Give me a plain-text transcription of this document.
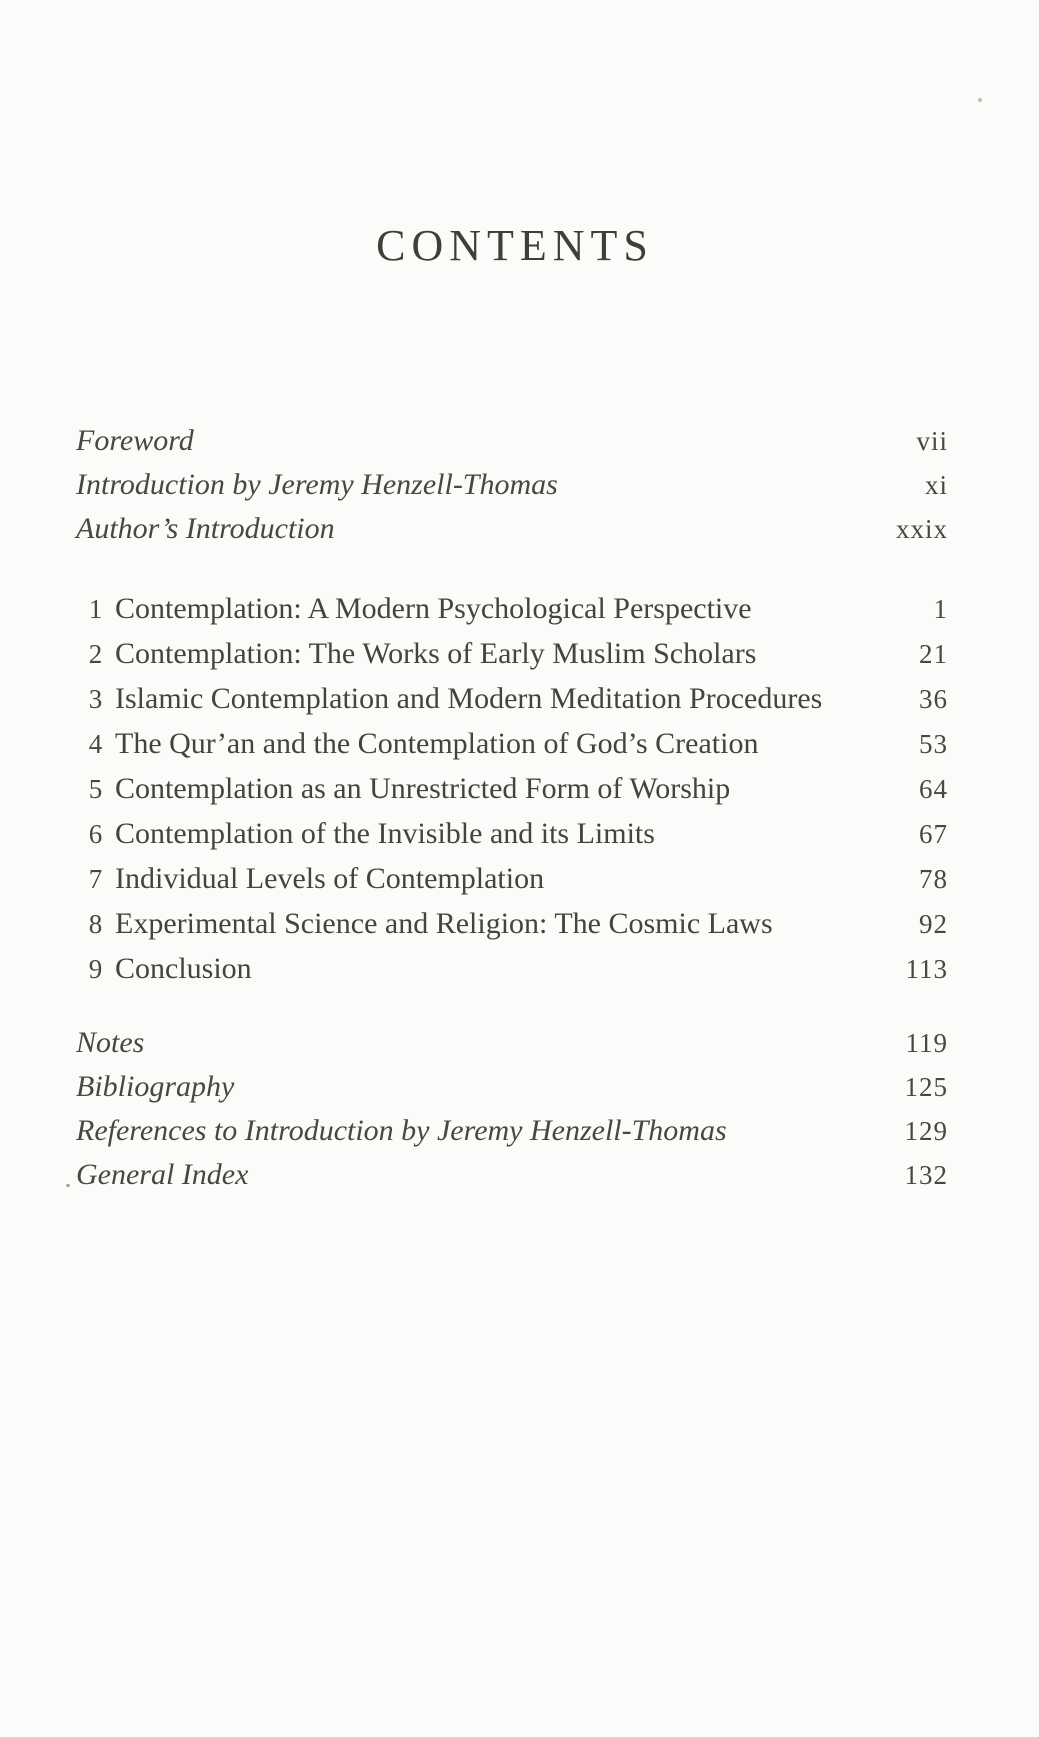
CONTENTS
Foreword	vii
Introduction by Jeremy Henzell-Thomas	xi
Author’s Introduction	xxix
1 Contemplation: A Modern Psychological Perspective	1
2 Contemplation: The Works of Early Muslim Scholars	21
3 Islamic Contemplation and Modern Meditation Procedures	36
4 The Qur’an and the Contemplation of God’s Creation	53
5 Contemplation as an Unrestricted Form of Worship	64
6 Contemplation of the Invisible and its Limits	67
7 Individual Levels of Contemplation	78
8 Experimental Science and Religion: The Cosmic Laws	92
9 Conclusion	113
Notes	119
Bibliography	125
References to Introduction by Jeremy Henzell-Thomas	129
General Index	132
